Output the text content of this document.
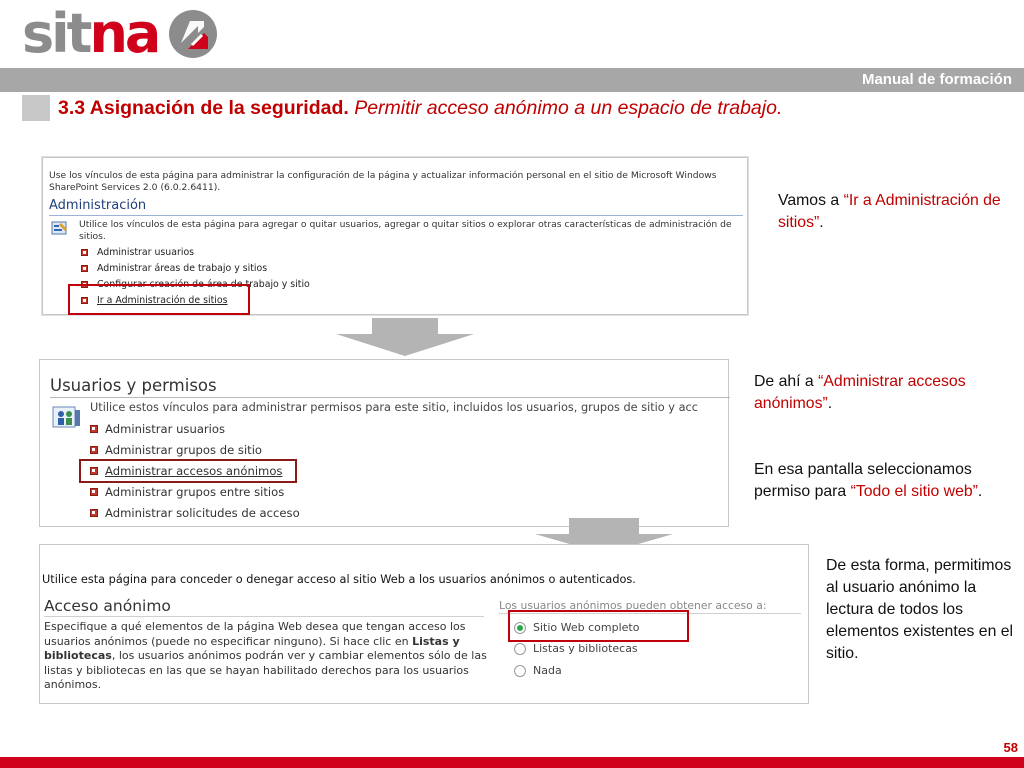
sitna
Manual de formación
3.3 Asignación de la seguridad. Permitir acceso anónimo a un espacio de trabajo.
Use los vínculos de esta página para administrar la configuración de la página y actualizar información personal en el sitio de Microsoft Windows
SharePoint Services 2.0 (6.0.2.6411).
Administración
Utilice los vínculos de esta página para agregar o quitar usuarios, agregar o quitar sitios o explorar otras características de administración de sitios.
Administrar usuarios
Administrar áreas de trabajo y sitios
Configurar creación de área de trabajo y sitio
Ir a Administración de sitios
Usuarios y permisos
Utilice estos vínculos para administrar permisos para este sitio, incluidos los usuarios, grupos de sitio y acc
Administrar usuarios
Administrar grupos de sitio
Administrar accesos anónimos
Administrar grupos entre sitios
Administrar solicitudes de acceso
Utilice esta página para conceder o denegar acceso al sitio Web a los usuarios anónimos o autenticados.
Acceso anónimo
Especifique a qué elementos de la página Web desea que tengan acceso los usuarios anónimos (puede no especificar ninguno). Si hace clic en Listas y bibliotecas, los usuarios anónimos podrán ver y cambiar elementos sólo de las listas y bibliotecas en las que se hayan habilitado derechos para los usuarios anónimos.
Los usuarios anónimos pueden obtener acceso a:
Sitio Web completo
Listas y bibliotecas
Nada
Vamos a “Ir a Administración de sitios”.
De ahí a “Administrar accesos anónimos”.
En esa pantalla seleccionamos permiso para “Todo el sitio web”.
De esta forma, permitimos al usuario anónimo la lectura de todos los elementos existentes en el sitio.
58
